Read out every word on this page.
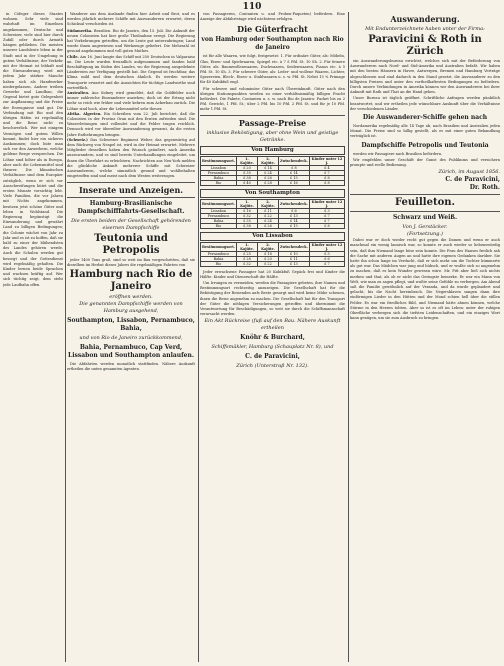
110
in Cöfeger dieses Staates wohnen. Sehr viele sind wahrhaft im Einzelnen angekommen, Deutsche und Schweizer, viele sind hier durch Zufall oder durch Armuth hängen geblieben. Die meisten unserer Landsleute leben in der Stadt und in der Umgebung in gutem Verhältnisse; der Verkehr mit der Heimat ist lebhaft und die Einwanderung wird mit jedem Jahr stärker. Manche haben sich als Handwerker niedergelassen, Andere treiben Gewerbe und Landbau; die Gegend bietet gute Gelegenheit zur Anpflanzung und die Preise der Erzeugnisse sind gut. Die Verbindung mit Rio und den übrigen Häfen ist regelmäßig und die Reise nicht zu beschwerlich. Wer mit einigem Vermögen und gutem Willen kommt, findet hier ein sicheres Auskommen; doch hüte man sich vor den Anwerbern, welche goldene Berge versprechen. Die Löhne sind höher als in Europa, aber auch die Lebensmittel sind theurer. Die klimatischen Verhältnisse sind dem Europäer zuträglich, wenn er sich vor Ausschweifungen hütet und die ersten Monate vorsichtig lebt. Viele Familien, die vor Jahren mit Nichts angekommen, besitzen jetzt schöne Güter und leben in Wohlstand. Die Regierung begünstigt die Einwanderung und gewährt Land zu billigen Bedingungen; die Colonie wächst von Jahr zu Jahr und es ist zu hoffen, daß sie bald zu einer der blühendsten des Landes gehören werde. Auch die Schulen werden gut besorgt und der Gottesdienst wird regelmäßig gehalten. Die Kinder lernen beide Sprachen und wachsen kräftig auf. Wer sich tüchtig zeigt, dem steht jede Laufbahn offen.
Wanderer aus dem Auslande finden hier Arbeit und Brot, und es werden jährlich mehrere Schiffe mit Auswanderern erwartet, deren Schicksal verschieden ist.
Südamerika. Brasilien. Rio de Janeiro, den 15. Juli. Die Ankunft der neuen Colonisten hat hier große Theilnahme erregt. Die Regierung hat Vorkehrungen getroffen, um die Leute gut unterzubringen; Land wurde ihnen angewiesen und Werkzeuge geliefert. Die Mehrzahl ist gesund angekommen und voll guten Muthes.
Chile. Am 16. Juni langte das Schiff mit 250 Deutschen in Valparaiso an. Die Leute wurden freundlich aufgenommen und fanden bald Beschäftigung im Süden des Landes, wo die Regierung ausgedehnte Ländereien zur Verfügung gestellt hat. Die Gegend ist fruchtbar, das Klima mild und dem deutschen ähnlich. Es werden weitere Transporte erwartet und die Aussichten für tüchtige Landwirthe sind vortrefflich.
Australien. Aus Sidney wird gemeldet, daß die Goldfelder noch immer zahlreiche Einwanderer anziehen; doch ist der Ertrag nicht mehr so reich wie früher und viele kehren zum Ackerbau zurück. Die Löhne sind hoch, aber die Lebensmittel sehr theuer.
Afrika. Algerien. Ein Schreiben vom 22. Juli berichtet, daß die Colonisten in der Provinz Oran mit den Ernten zufrieden sind. Die Wasserleitungen sind vollendet und die Felder tragen reichlich. Dennoch wird vor übereilter Auswanderung gewarnt, da die ersten Jahre Entbehrungen bringen.
(Schweiz.) Das Schweizer Regiment Weber, das gegenwärtig auf dem Rückweg von Neapel ist, wird in der Heimat erwartet. Mehrere Mitglieder desselben haben den Wunsch geäußert, nach Amerika auszuwandern, und es sind bereits Unterhandlungen eingeleitet, um ihnen die Überfahrt zu erleichtern. Nachrichten aus Neu-York melden die glückliche Ankunft mehrerer Schiffe mit Schweizer Auswanderern, welche sämmtlich gesund und wohlbehalten eingetroffen sind und meist nach dem Westen weiterzogen.
Inserate und Anzeigen.
Hamburg-Brasilianische Dampfschifffahrts-Gesellschaft.
Die ersten beiden der Gesellschaft gehörenden eisernen Dampfschiffe
Teutonia und Petropolis
jeder 1400 Tons groß, sind so weit im Bau vorgeschritten, daß sie dieselben im Herbst dieses Jahres die regelmäßigen Fahrten von
Hamburg nach Rio de Janeiro
eröffnen werden.
Die genannten Dampfschiffe werden von Hamburg ausgehend,
Southampton, Lissabon, Pernambuco, Bahia,
und von Rio de Janeiro zurückkommend,
Bahia, Pernambuco, Cap Verd, Lissabon und Southampton anlaufen.
Die Abfahrten werden monatlich stattfinden. Nähere Auskunft ertheilen die unten genannten Agenten.
von Passagieren, Contanten u. und Proben-Paqueten) befördern. Eine Anzeige der Abfahrtstage wird nächstens erfolgen.
Die Güterfracht
von Hamburg oder Southampton nach Rio de Janeiro
ist für alle Waaren, wie folgt, festgesetzt: 1. Für ordinäre Güter, als: Möbeln, Glas, Eisen- und Spielwaaren, Spiegel etc. à 7 £ Pfd. St. 10 Sh. 2. Für feinere Güter, als: Baumwollenwaaren, Duchwaaren, Seidenwaaren, Pianos etc. à 5 Pfd. St. 10 Sh. 3. Für schwere Güter, als: Leder- und wollene Waaren, Lichter, Spezereien, Blech-, Eisen- u. Stahlwaaren u. s. w. Pfd. St. Nebst 15 % Primage für 40 Kubikfuß engl.
Für schwere und voluminöse Güter nach Übereinkunft. Güter nach den übrigen Stationspunkten werden zu einer verhältnismäßig billigen Fracht befördert. Die Pakete, Contanten u. s. w. nach Rio de Janeiro: Packet bis zu 2 Pfd. Gewicht, 1 Pfd. St.; über 2 Pfd. bis 10 Pfd. 2 Pfd. St. und für je 10 Pfd. mehr 1 Pfd. St.
Passage-Preise
inklusive Beköstigung, aber ohne Wein und geistige Getränke.
Von Hamburg
Bestimmungsort.	1. Kajüte.	2. Kajüte.	Zwischendeck.	Kinder unter 12 J.
Lissabon	£ 20	£ 14	£ 8	£ 4
Pernambuco	£ 35	£ 24	£ 14	£ 7
Bahia	£ 38	£ 26	£ 15	£ 8
Rio	£ 40	£ 28	£ 16	£ 8
Von Southampton
Bestimmungsort.	1. Kajüte.	2. Kajüte.	Zwischendeck.	Kinder unter 12 J.
Lissabon	£ 16	£ 11	£ 6	£ 3
Pernambuco	£ 32	£ 22	£ 13	£ 7
Bahia	£ 35	£ 24	£ 14	£ 7
Rio	£ 38	£ 26	£ 15	£ 8
Von Lissabon
Bestimmungsort.	1. Kajüte.	2. Kajüte.	Zwischendeck.	Kinder unter 12 J.
Pernambuco	£ 25	£ 18	£ 10	£ 5
Bahia	£ 28	£ 20	£ 11	£ 6
Rio	£ 32	£ 22	£ 13	£ 7
Jeder erwachsene Passagier hat 20 Kubikfuß Gepäck frei und Kinder die Hälfte. Kinder und Dienerschaft die Hälfte.
Um Irrungen zu vermeiden, werden die Passagiere gebeten, ihre Namen und Bestimmungsort rechtzeitig anzuzeigen. Die Gesellschaft hat für die Beköstigung der Reisenden aufs Beste gesorgt und wird keine Mühe scheuen, ihnen die Reise angenehm zu machen. Die Gesellschaft hat für den Transport der Güter die nöthigen Versicherungen getroffen und übernimmt die Verantwortung für Beschädigungen, so weit sie durch die Schiffsmannschaft verursacht werden.
Ein Akt Rückreise (fuß auf den Bau. Nähere Auskunft ertheilen
Knöhr & Burchard,
Schiffsmäkler, Hamburg (Schauplatz Nr. 8), und
C. de Paravicini,
Zürich (Unterstraß Nr. 132).
Auswanderung.
Mit Endunterzeichnete haben unter der Firma:
Paravicini & Roth in Zürich
ein Auswanderungsbureau errichtet, welches sich mit der Beförderung von Auswanderern nach Nord- und Süd-Amerika und Australien befaßt. Wir haben mit den besten Häusern in Havre, Antwerpen, Bremen und Hamburg Verträge abgeschlossen und sind dadurch in den Stand gesetzt, die Auswanderer zu den billigsten Preisen und unter den vortheilhaftesten Bedingungen zu befördern. Durch unsere Verbindungen in Amerika können wir den Auswanderern bei ihrer Ankunft mit Rath und That an die Hand gehen.
Unser Bureau ist täglich geöffnet. Schriftliche Anfragen werden pünktlich beantwortet, und wir ertheilen jede wünschbare Auskunft über die Verhältnisse der verschiedenen Länder.
Die Auswanderer-Schiffe gehen nach
Nordamerika regelmäßig alle 14 Tage ab, nach Brasilien und Australien jeden Monat. Die Preise sind so billig gestellt, als es mit einer guten Behandlung verträglich ist.
Dampfschiffe Petropolis und Teutonia
werden wir Passagiere nach Brasilien befördern.
Wir empfehlen unser Geschäft der Gunst des Publikums und versichern prompte und reelle Bedienung.
Zürich, im August 1856.
C. de Paravicini,
Dr. Roth.
Feuilleton.
Schwarz und Weiß.
Von J. Gerstäcker.
(Fortsetzung.)
Dabei war er doch wieder recht gut gegen die Damen und wenn er auch manchmal ein wenig launisch war, so konnte er auch wieder so liebenswürdig sein, daß ihm Niemand lange böse sein konnte. Die Frau des Hauses freilich sah die Sache mit anderen Augen an und hatte ihre eigenen Gedanken darüber. Sie hatte ihn schon lange im Verdacht, daß er sich mehr um die Tochter kümmerte als gut war. Das Mädchen war jung und hübsch, und er wußte sich so angenehm zu machen, daß es kein Wunder gewesen wäre. Mr. Pitt aber ließ sich nichts merken und that, als ob er nicht das Geringste bemerke. Er war ein Mann von Welt, wie man zu sagen pflegt, und wußte seine Gefühle zu verbergen. Am Abend saß die Familie gewöhnlich auf der Veranda, und da wurde geplaudert und gelacht, bis die Nacht hereinbrach. Die Negersklaven sangen dann ihre einförmigen Lieder in den Hütten und der Mond schien hell über die stillen Felder. Es war ein friedliches Bild, und Niemand hätte ahnen können, welche Stürme in den Herzen tobten. Aber so ist es oft im Leben: unter der ruhigen Oberfläche verbergen sich die tiefsten Leidenschaften, und ein einziges Wort kann genügen, um sie zum Ausbruch zu bringen.
